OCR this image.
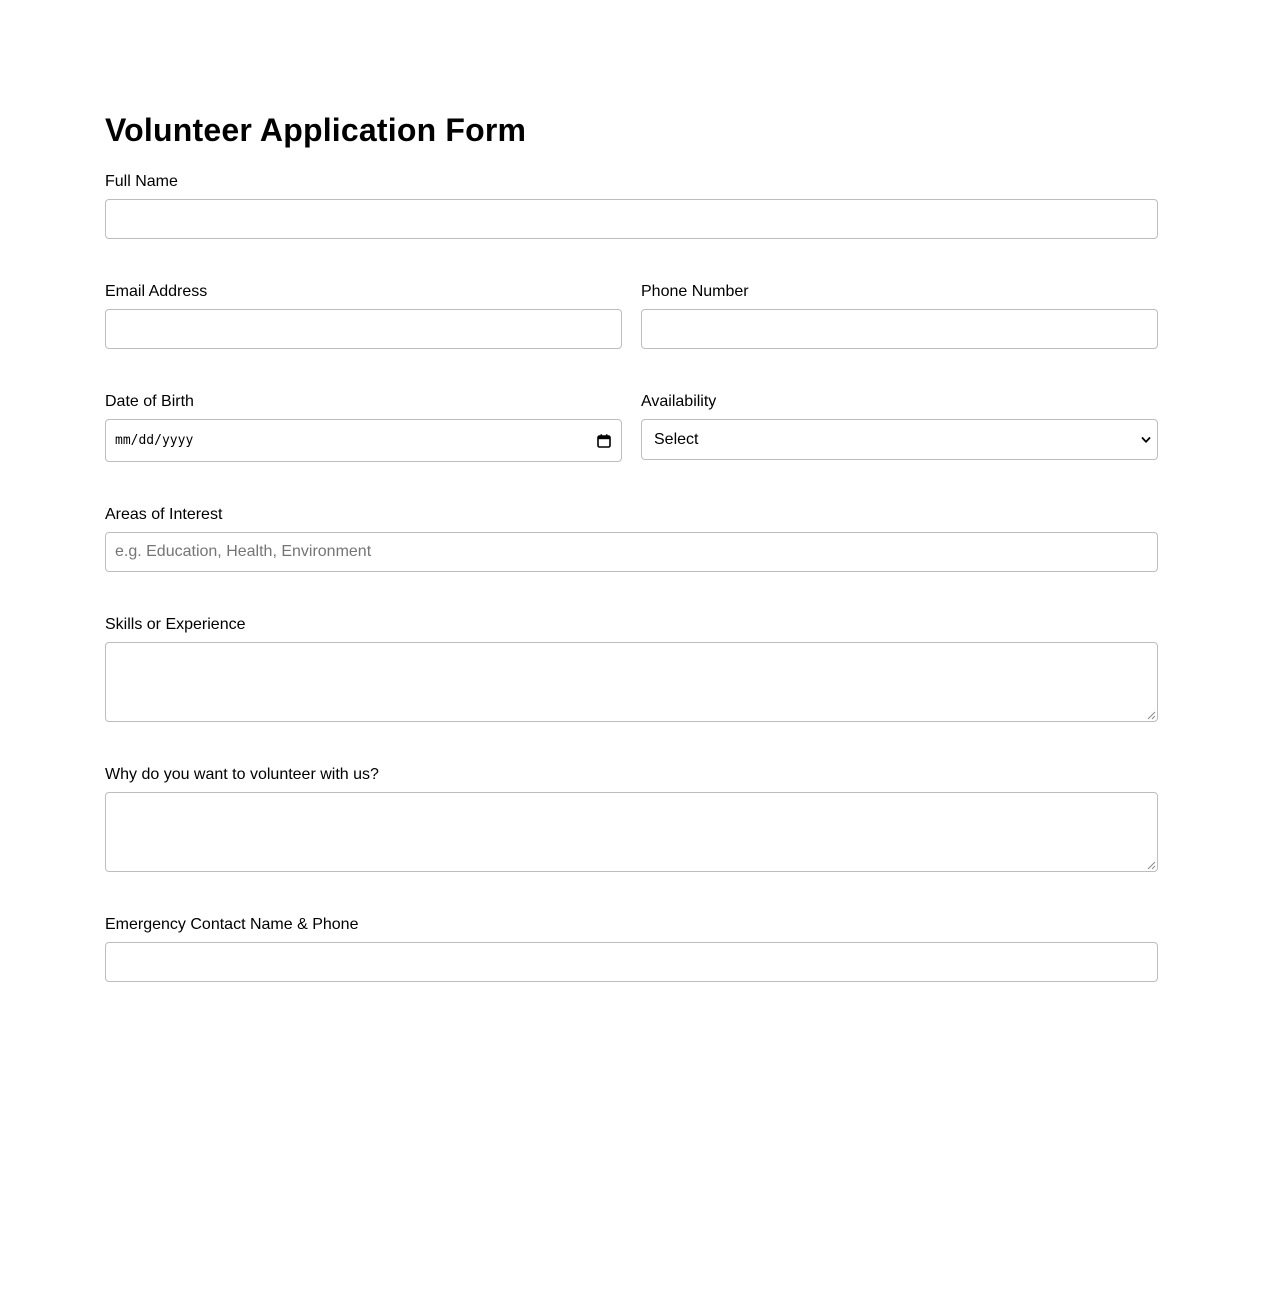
Volunteer Application Form
Full Name
Email Address	Phone Number
Date of Birth
mm/dd/yyyy
Availability
Select
Areas of Interest
e.g. Education, Health, Environment
Skills or Experience
Why do you want to volunteer with us?
Emergency Contact Name & Phone
